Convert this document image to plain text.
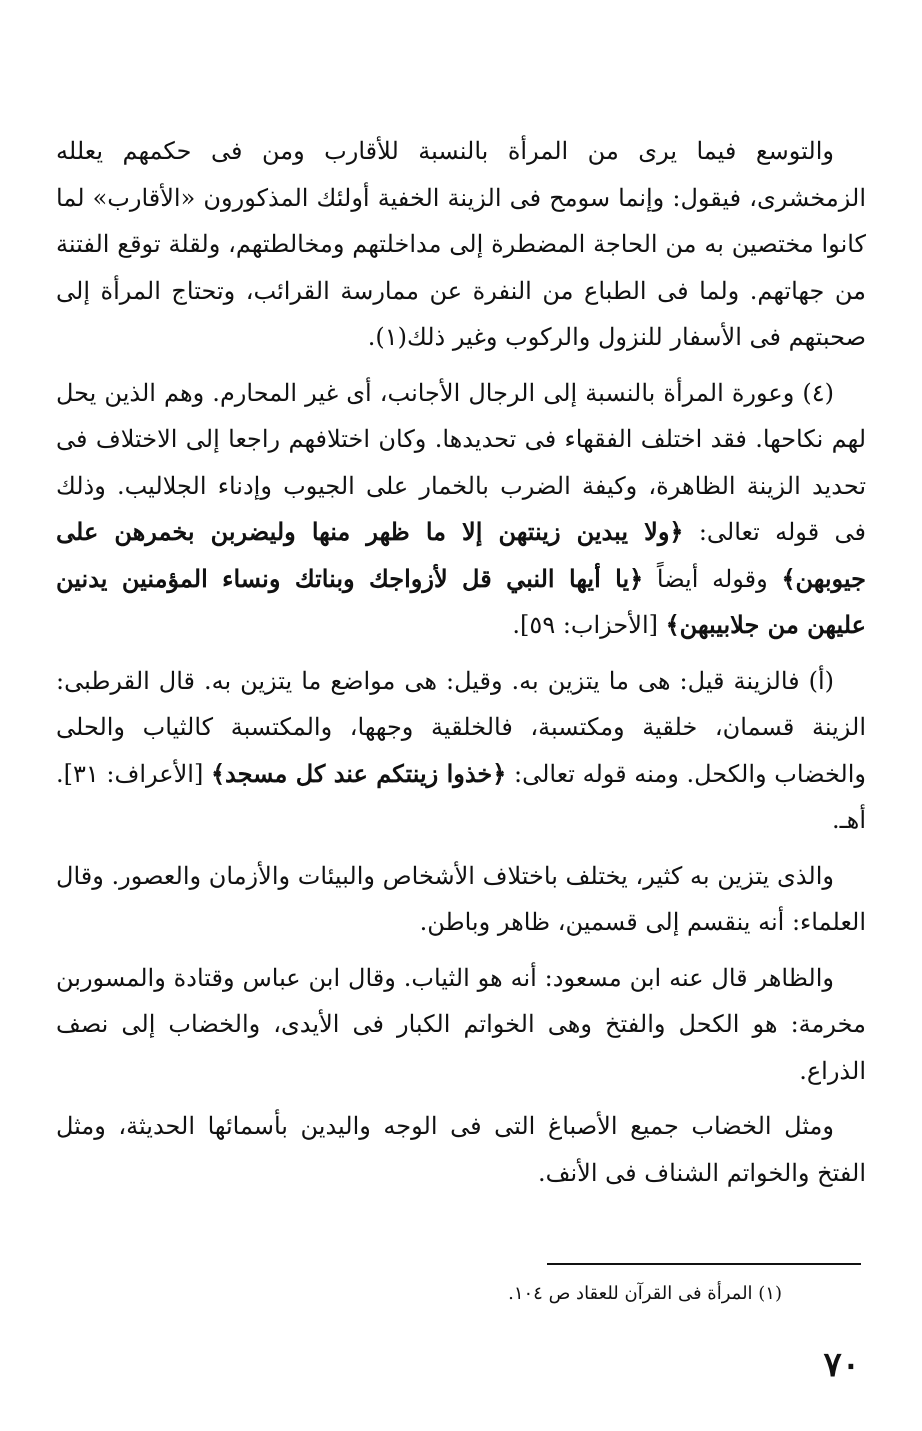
والتوسع فيما يرى من المرأة بالنسبة للأقارب ومن فى حكمهم يعلله الزمخشرى، فيقول: وإنما سومح فى الزينة الخفية أولئك المذكورون «الأقارب» لما كانوا مختصين به من الحاجة المضطرة إلى مداخلتهم ومخالطتهم، ولقلة توقع الفتنة من جهاتهم. ولما فى الطباع من النفرة عن ممارسة القرائب، وتحتاج المرأة إلى صحبتهم فى الأسفار للنزول والركوب وغير ذلك(١).

(٤) وعورة المرأة بالنسبة إلى الرجال الأجانب، أى غير المحارم. وهم الذين يحل لهم نكاحها. فقد اختلف الفقهاء فى تحديدها. وكان اختلافهم راجعا إلى الاختلاف فى تحديد الزينة الظاهرة، وكيفة الضرب بالخمار على الجيوب وإدناء الجلاليب. وذلك فى قوله تعالى: ﴿ولا يبدين زينتهن إلا ما ظهر منها وليضربن بخمرهن على جيوبهن﴾ وقوله أيضاً ﴿يا أيها النبي قل لأزواجك وبناتك ونساء المؤمنين يدنين عليهن من جلابيبهن﴾ [الأحزاب: ٥٩].

(أ) فالزينة قيل: هى ما يتزين به. وقيل: هى مواضع ما يتزين به. قال القرطبى: الزينة قسمان، خلقية ومكتسبة، فالخلقية وجهها، والمكتسبة كالثياب والحلى والخضاب والكحل. ومنه قوله تعالى: ﴿خذوا زينتكم عند كل مسجد﴾ [الأعراف: ٣١]. أهـ.

والذى يتزين به كثير، يختلف باختلاف الأشخاص والبيئات والأزمان والعصور. وقال العلماء: أنه ينقسم إلى قسمين، ظاهر وباطن.

والظاهر قال عنه ابن مسعود: أنه هو الثياب. وقال ابن عباس وقتادة والمسوربن مخرمة: هو الكحل والفتخ وهى الخواتم الكبار فى الأيدى، والخضاب إلى نصف الذراع.

ومثل الخضاب جميع الأصباغ التى فى الوجه واليدين بأسمائها الحديثة، ومثل الفتخ والخواتم الشناف فى الأنف.

(١) المرأة فى القرآن للعقاد ص ١٠٤.
٧٠
